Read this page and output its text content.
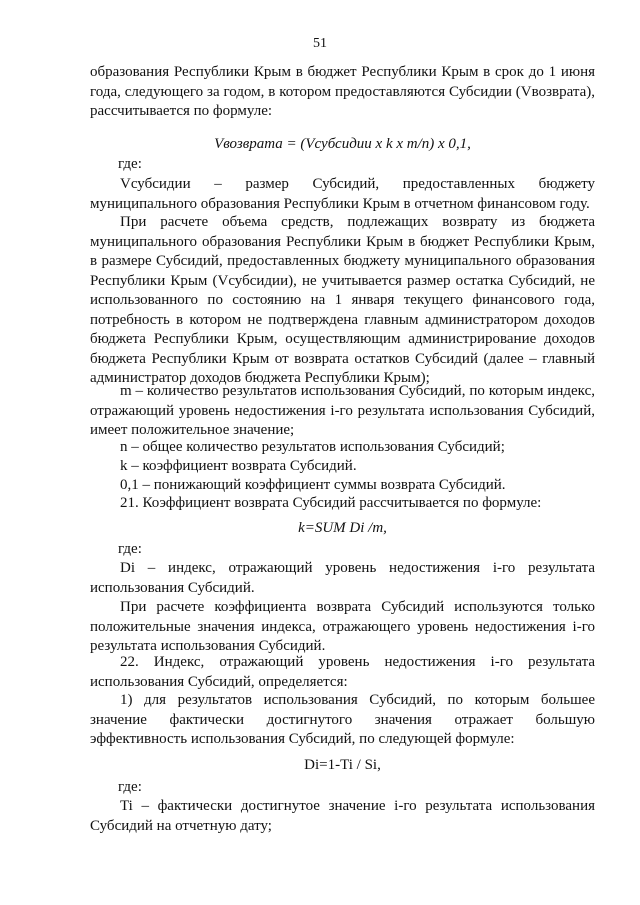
51

образования Республики Крым в бюджет Республики Крым в срок до 1 июня года, следующего за годом, в котором предоставляются Субсидии (Vвозврата), рассчитывается по формуле:

Vвозврата = (Vсубсидии х k х m/n) х 0,1,

где:

Vсубсидии – размер Субсидий, предоставленных бюджету муниципального образования Республики Крым в отчетном финансовом году.

При расчете объема средств, подлежащих возврату из бюджета муниципального образования Республики Крым в бюджет Республики Крым, в размере Субсидий, предоставленных бюджету муниципального образования Республики Крым (Vсубсидии), не учитывается размер остатка Субсидий, не использованного по состоянию на 1 января текущего финансового года, потребность в котором не подтверждена главным администратором доходов бюджета Республики Крым, осуществляющим администрирование доходов бюджета Республики Крым от возврата остатков Субсидий (далее – главный администратор доходов бюджета Республики Крым);

m – количество результатов использования Субсидий, по которым индекс, отражающий уровень недостижения i-го результата использования Субсидий, имеет положительное значение;

n – общее количество результатов использования Субсидий;

k – коэффициент возврата Субсидий.

0,1 – понижающий коэффициент суммы возврата Субсидий.

21. Коэффициент возврата Субсидий рассчитывается по формуле:

k=SUM Di /m,

где:

Di – индекс, отражающий уровень недостижения i-го результата использования Субсидий.

При расчете коэффициента возврата Субсидий используются только положительные значения индекса, отражающего уровень недостижения i-го результата использования Субсидий.

22. Индекс, отражающий уровень недостижения i-го результата использования Субсидий, определяется:

1) для результатов использования Субсидий, по которым большее значение фактически достигнутого значения отражает большую эффективность использования Субсидий, по следующей формуле:

Di=1-Ti / Si,

где:

Ti – фактически достигнутое значение i-го результата использования Субсидий на отчетную дату;
